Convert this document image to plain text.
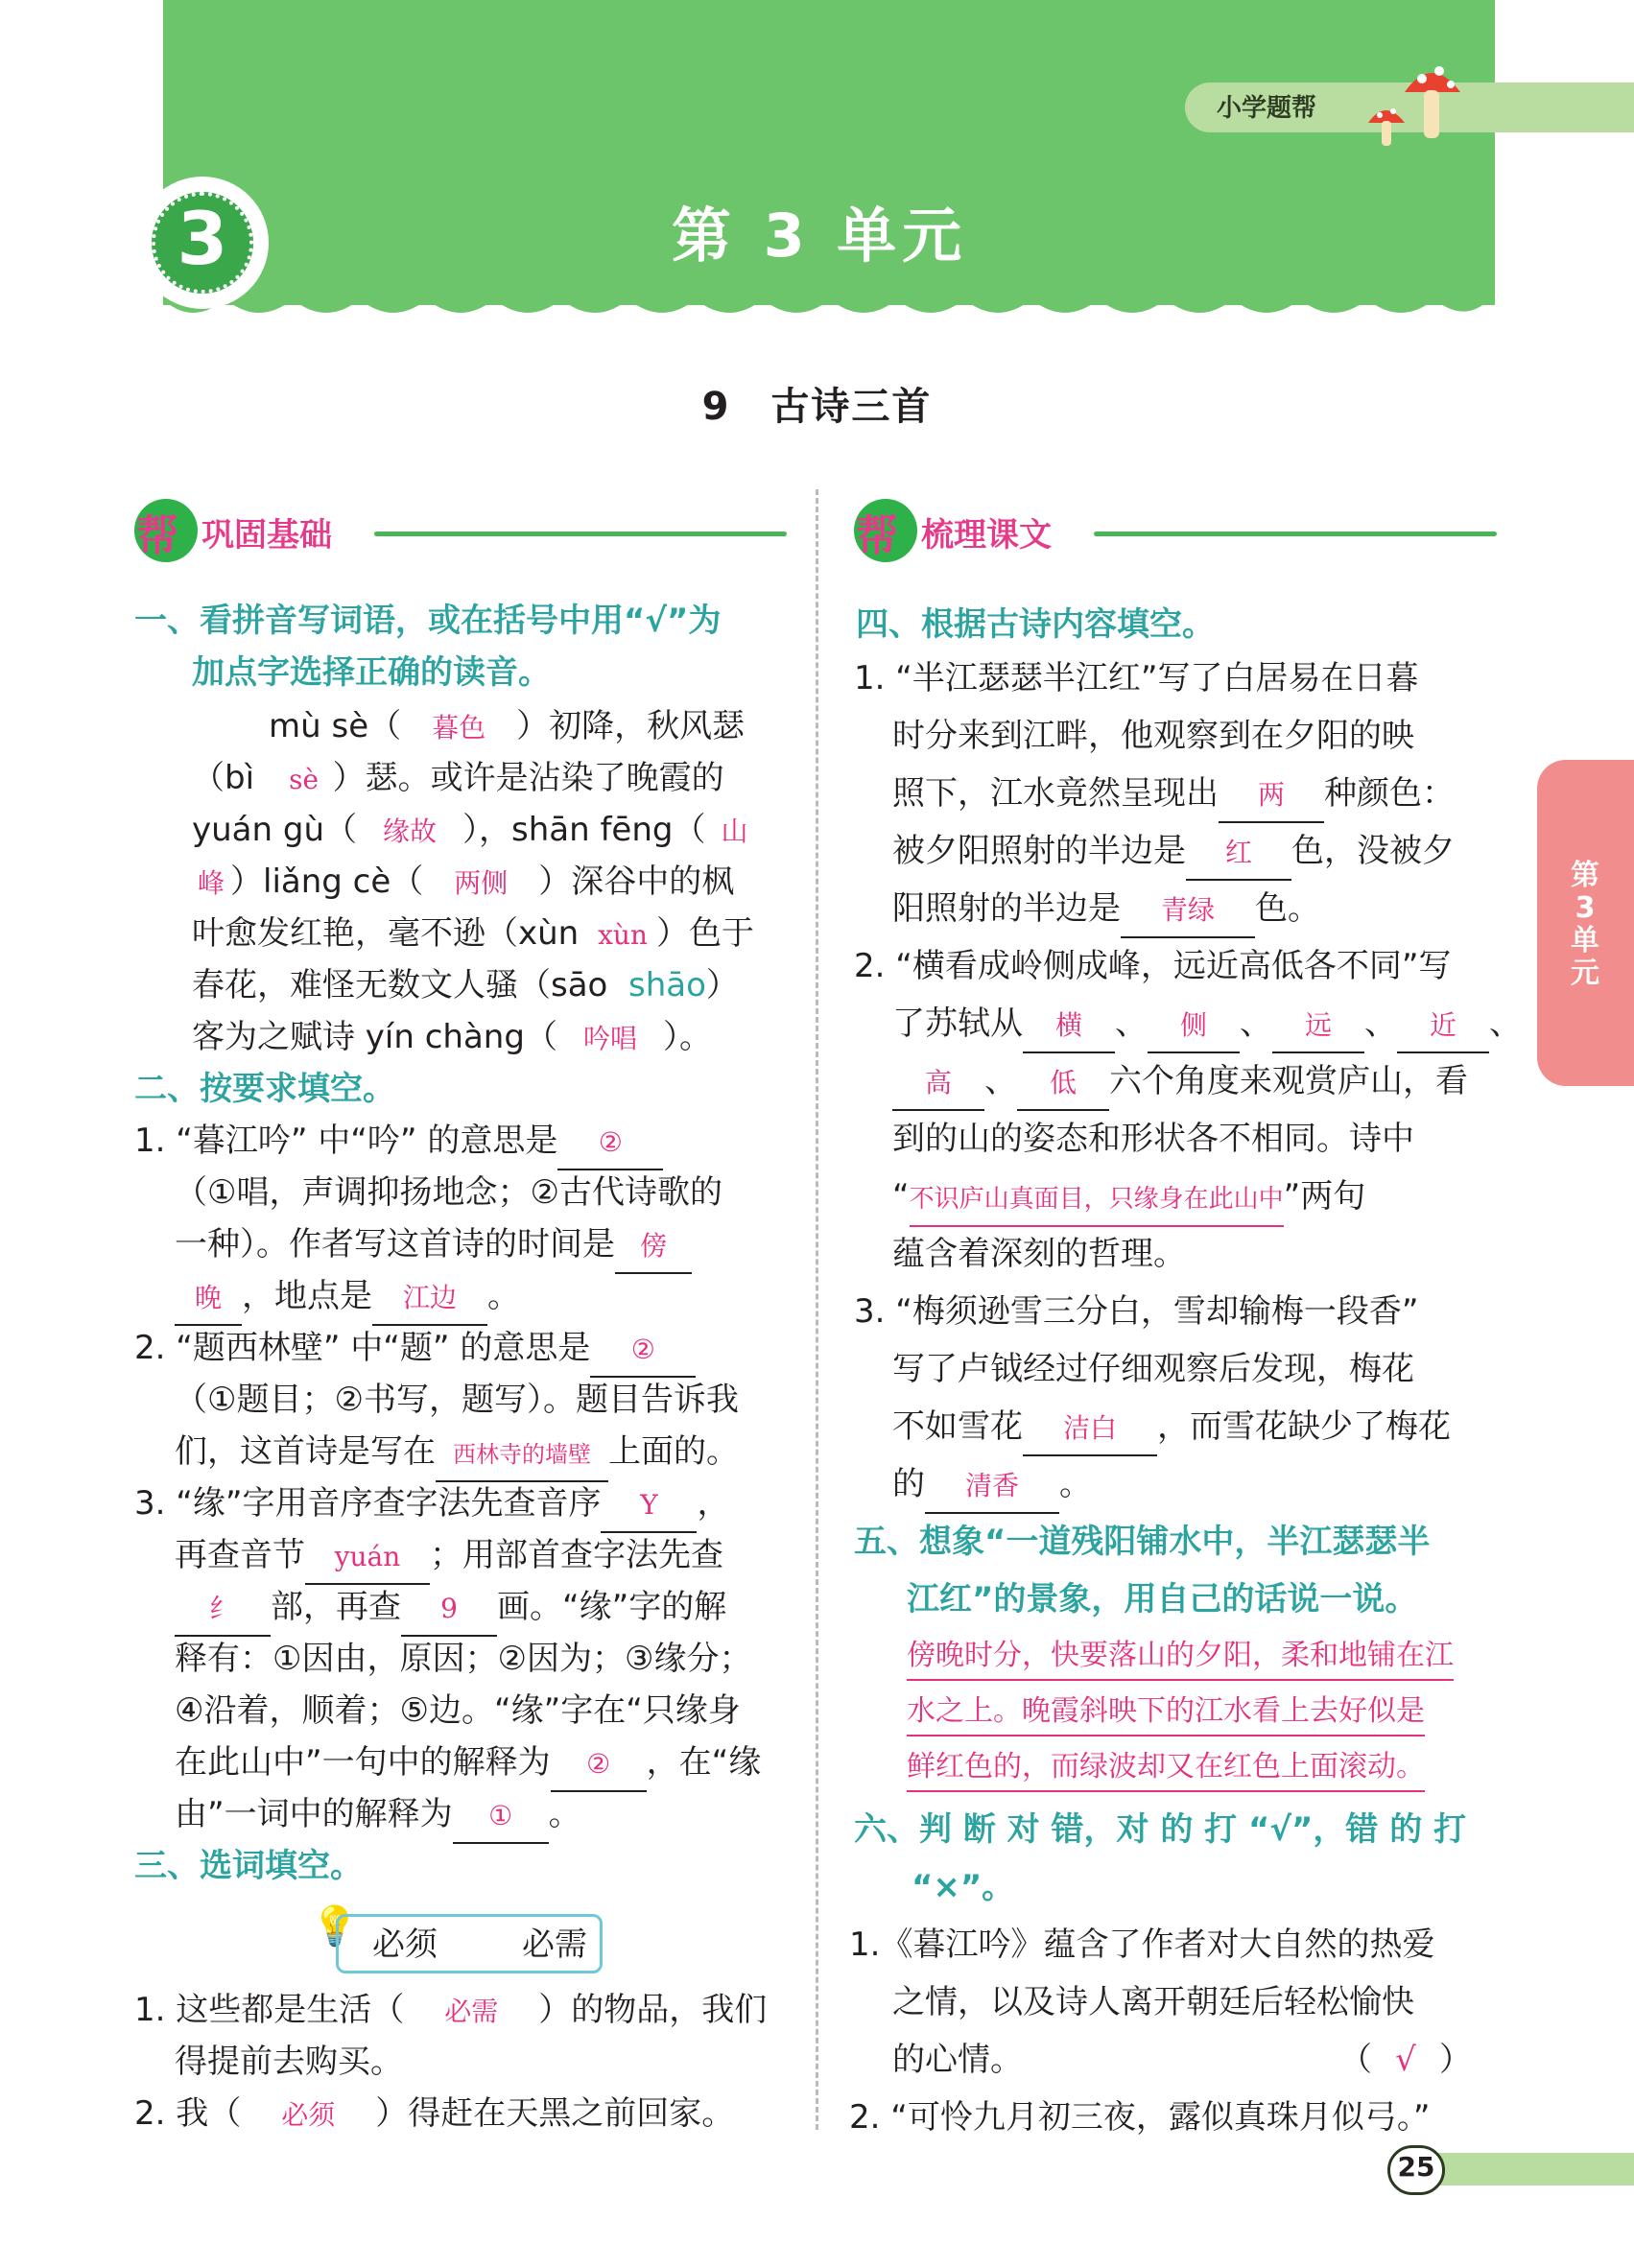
小学题帮
3	第 3 单元
9　古诗三首
帮 巩固基础	帮 梳理课文
一、看拼音写词语，或在括号中用“√”为
加点字选择正确的读音。
mù sè（ 暮色 ）初降，秋风瑟
（bì sè ）瑟。或许是沾染了晚霞的
yuán gù（ 缘故 ），shān fēng（ 山
峰 ）liǎng cè（ 两侧 ）深谷中的枫
叶愈发红艳，毫不逊（xùn xùn ）色于
春花，难怪无数文人骚（sāo shāo）
客为之赋诗 yín chàng（ 吟唱 ）。
二、按要求填空。
1. “暮江吟” 中“吟” 的意思是 ②
（①唱，声调抑扬地念；②古代诗歌的
一种）。作者写这首诗的时间是 傍
晚 ，地点是 江边 。
2. “题西林壁” 中“题” 的意思是 ②
（①题目；②书写，题写）。题目告诉我
们，这首诗是写在 西林寺的墙壁 上面的。
3. “缘”字用音序查字法先查音序 Y ，
再查音节 yuán ；用部首查字法先查
纟 部，再查 9 画。“缘”字的解
释有：①因由，原因；②因为；③缘分；
④沿着，顺着；⑤边。“缘”字在“只缘身
在此山中”一句中的解释为 ② ，在“缘
由”一词中的解释为 ① 。
三、选词填空。
💡 必须	必需
1. 这些都是生活（ 必需 ）的物品，我们
得提前去购买。
2. 我（ 必须 ）得赶在天黑之前回家。
四、根据古诗内容填空。
1. “半江瑟瑟半江红”写了白居易在日暮
时分来到江畔，他观察到在夕阳的映
照下，江水竟然呈现出 两 种颜色：
被夕阳照射的半边是 红 色，没被夕
阳照射的半边是 青绿 色。
2. “横看成岭侧成峰，远近高低各不同”写
了苏轼从 横 、 侧 、 远 、 近 、
高 、 低 六个角度来观赏庐山，看
到的山的姿态和形状各不相同。诗中
“不识庐山真面目，只缘身在此山中”两句
蕴含着深刻的哲理。
3. “梅须逊雪三分白，雪却输梅一段香”
写了卢钺经过仔细观察后发现，梅花
不如雪花 洁白 ，而雪花缺少了梅花
的 清香 。
五、想象“一道残阳铺水中，半江瑟瑟半
江红”的景象，用自己的话说一说。
傍晚时分，快要落山的夕阳，柔和地铺在江
水之上。晚霞斜映下的江水看上去好似是
鲜红色的，而绿波却又在红色上面滚动。
六、判 断 对 错，对 的 打 “√”，错 的 打
“×”。
1.《暮江吟》蕴含了作者对大自然的热爱
之情，以及诗人离开朝廷后轻松愉快
的心情。	（ √ ）
2. “可怜九月初三夜，露似真珠月似弓。”
第3单元
25
